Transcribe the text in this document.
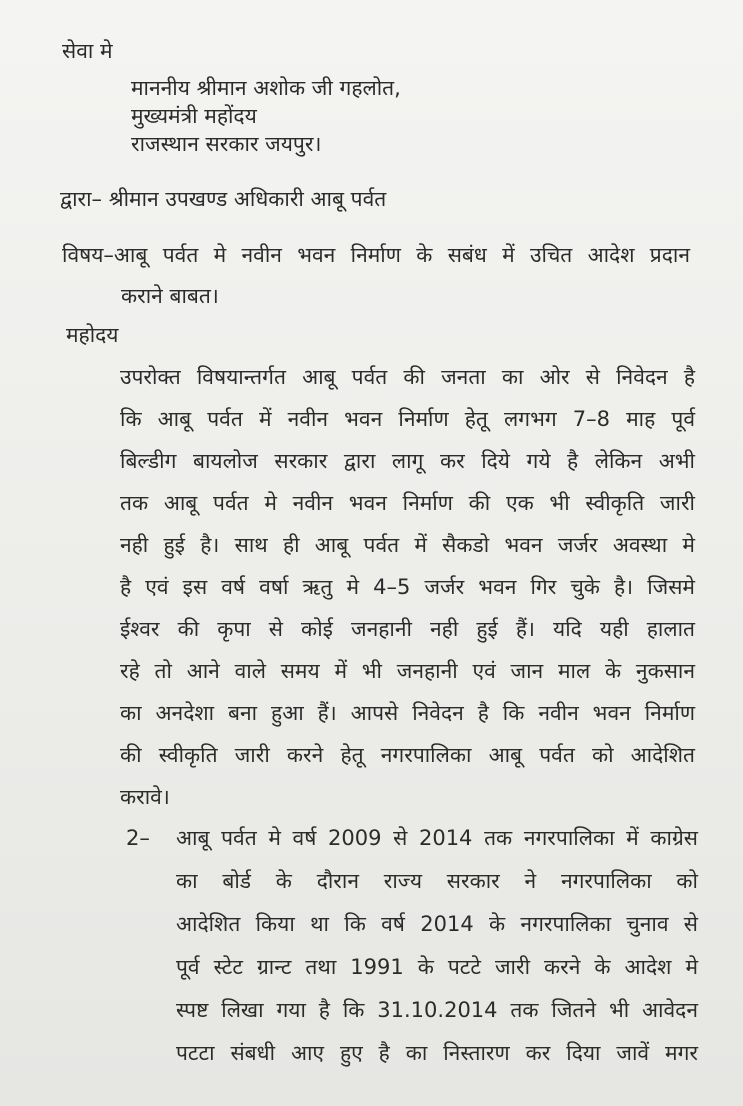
सेवा मे
माननीय श्रीमान अशोक जी गहलोत,
मुख्यमंत्री महोंदय
राजस्थान सरकार जयपुर।
द्वारा– श्रीमान उपखण्ड अधिकारी आबू पर्वत
विषय–आबू पर्वत मे नवीन भवन निर्माण के सबंध में उचित आदेश प्रदान
कराने बाबत।
महोदय
उपरोक्त विषयान्तर्गत आबू पर्वत की जनता का ओर से निवेदन है
कि आबू पर्वत में नवीन भवन निर्माण हेतू लगभग 7–8 माह पूर्व
बिल्डीग बायलोज सरकार द्वारा लागू कर दिये गये है लेकिन अभी
तक आबू पर्वत मे नवीन भवन निर्माण की एक भी स्वीकृति जारी
नही हुई है। साथ ही आबू पर्वत में सैकडो भवन जर्जर अवस्था मे
है एवं इस वर्ष वर्षा ऋतु मे 4–5 जर्जर भवन गिर चुके है। जिसमे
ईश्वर की कृपा से कोई जनहानी नही हुई हैं। यदि यही हालात
रहे तो आने वाले समय में भी जनहानी एवं जान माल के नुकसान
का अनदेशा बना हुआ हैं। आपसे निवेदन है कि नवीन भवन निर्माण
की स्वीकृति जारी करने हेतू नगरपालिका आबू पर्वत को आदेशित
करावे।
2– आबू पर्वत मे वर्ष 2009 से 2014 तक नगरपालिका में काग्रेस
का बोर्ड के दौरान राज्य सरकार ने नगरपालिका को
आदेशित किया था कि वर्ष 2014 के नगरपालिका चुनाव से
पूर्व स्टेट ग्रान्ट तथा 1991 के पटटे जारी करने के आदेश मे
स्पष्ट लिखा गया है कि 31.10.2014 तक जितने भी आवेदन
पटटा संबधी आए हुए है का निस्तारण कर दिया जावें मगर
